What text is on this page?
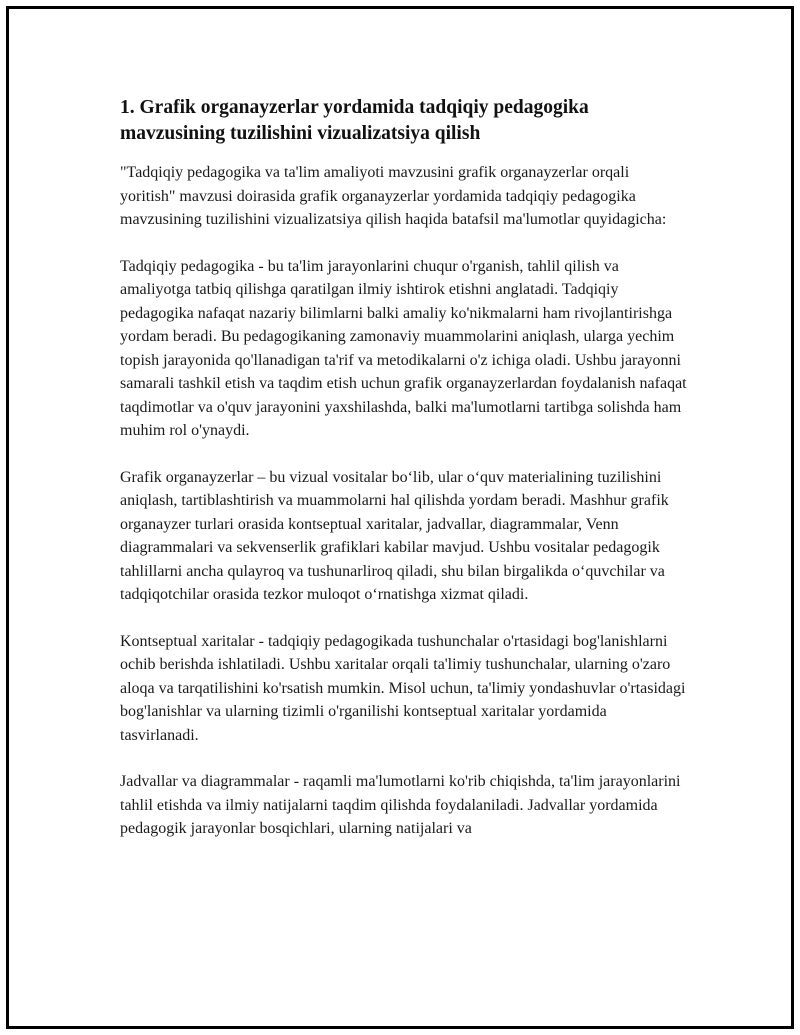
1. Grafik organayzerlar yordamida tadqiqiy pedagogika mavzusining tuzilishini vizualizatsiya qilish

"Tadqiqiy pedagogika va ta'lim amaliyoti mavzusini grafik organayzerlar orqali yoritish" mavzusi doirasida grafik organayzerlar yordamida tadqiqiy pedagogika mavzusining tuzilishini vizualizatsiya qilish haqida batafsil ma'lumotlar quyidagicha:

Tadqiqiy pedagogika - bu ta'lim jarayonlarini chuqur o'rganish, tahlil qilish va amaliyotga tatbiq qilishga qaratilgan ilmiy ishtirok etishni anglatadi. Tadqiqiy pedagogika nafaqat nazariy bilimlarni balki amaliy ko'nikmalarni ham rivojlantirishga yordam beradi. Bu pedagogikaning zamonaviy muammolarini aniqlash, ularga yechim topish jarayonida qo'llanadigan ta'rif va metodikalarni o'z ichiga oladi. Ushbu jarayonni samarali tashkil etish va taqdim etish uchun grafik organayzerlardan foydalanish nafaqat taqdimotlar va o'quv jarayonini yaxshilashda, balki ma'lumotlarni tartibga solishda ham muhim rol o'ynaydi.

Grafik organayzerlar – bu vizual vositalar bo‘lib, ular o‘quv materialining tuzilishini aniqlash, tartiblashtirish va muammolarni hal qilishda yordam beradi. Mashhur grafik organayzer turlari orasida kontseptual xaritalar, jadvallar, diagrammalar, Venn diagrammalari va sekvenserlik grafiklari kabilar mavjud. Ushbu vositalar pedagogik tahlillarni ancha qulayroq va tushunarliroq qiladi, shu bilan birgalikda o‘quvchilar va tadqiqotchilar orasida tezkor muloqot o‘rnatishga xizmat qiladi.

Kontseptual xaritalar - tadqiqiy pedagogikada tushunchalar o'rtasidagi bog'lanishlarni ochib berishda ishlatiladi. Ushbu xaritalar orqali ta'limiy tushunchalar, ularning o'zaro aloqa va tarqatilishini ko'rsatish mumkin. Misol uchun, ta'limiy yondashuvlar o'rtasidagi bog'lanishlar va ularning tizimli o'rganilishi kontseptual xaritalar yordamida tasvirlanadi.

Jadvallar va diagrammalar - raqamli ma'lumotlarni ko'rib chiqishda, ta'lim jarayonlarini tahlil etishda va ilmiy natijalarni taqdim qilishda foydalaniladi. Jadvallar yordamida pedagogik jarayonlar bosqichlari, ularning natijalari va
